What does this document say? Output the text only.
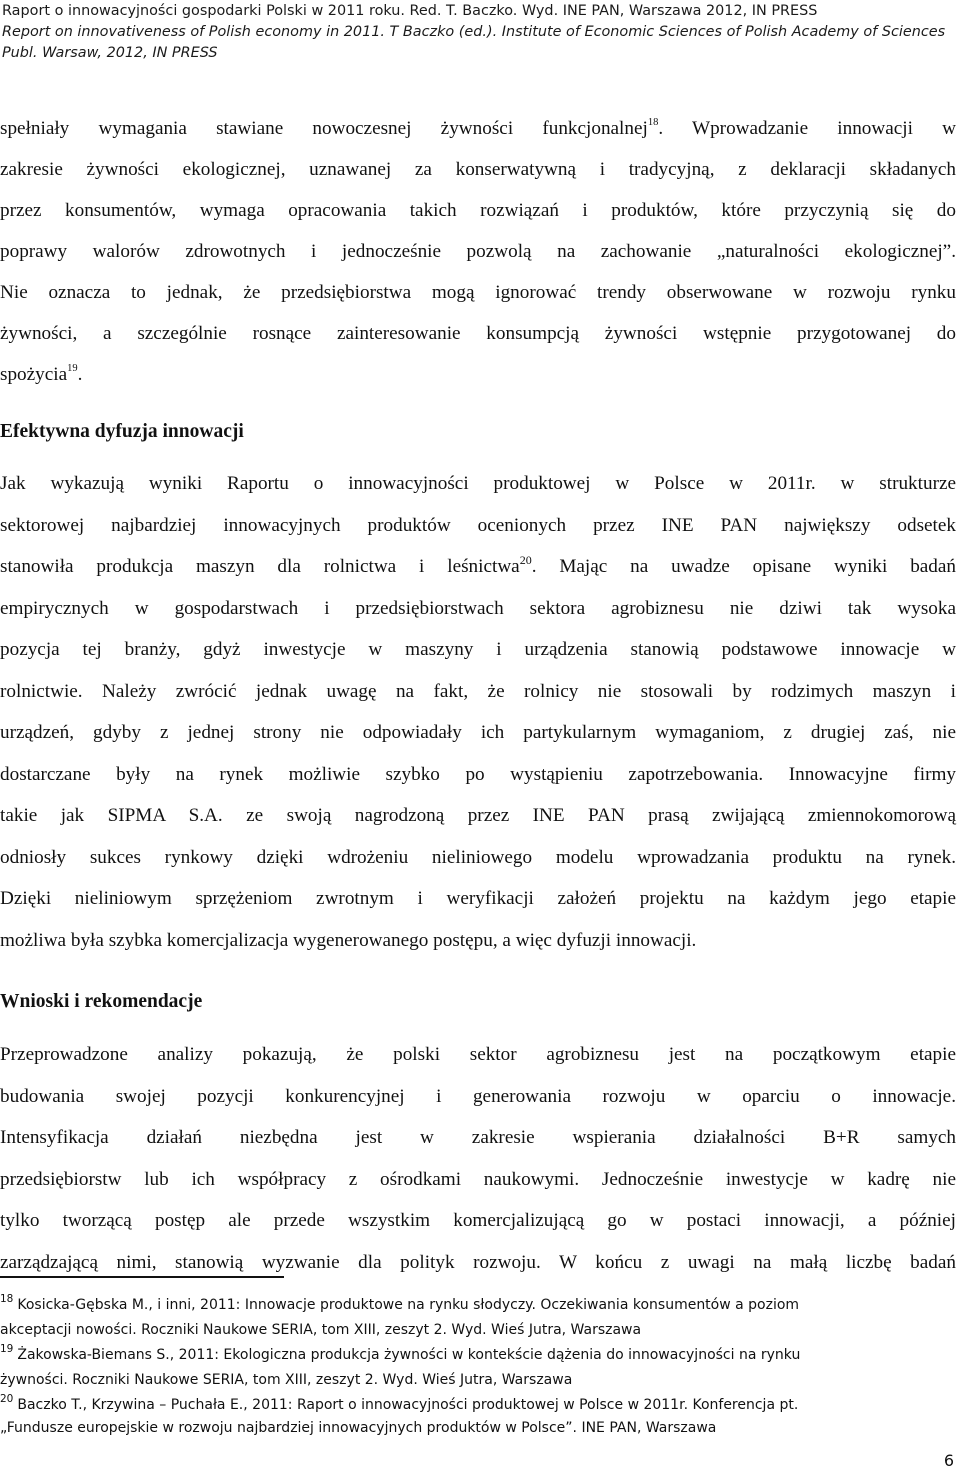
Raport o innowacyjności gospodarki Polski w 2011 roku. Red. T. Baczko. Wyd. INE PAN, Warszawa 2012, IN PRESS
Report on innovativeness of Polish economy in 2011. T Baczko (ed.). Institute of Economic Sciences of Polish Academy of Sciences
Publ. Warsaw, 2012, IN PRESS

spełniały wymagania stawiane nowoczesnej żywności funkcjonalnej$^{18}$. Wprowadzanie innowacji w

zakresie żywności ekologicznej, uznawanej za konserwatywną i tradycyjną, z deklaracji składanych

przez konsumentów, wymaga opracowania takich rozwiązań i produktów, które przyczynią się do

poprawy walorów zdrowotnych i jednocześnie pozwolą na zachowanie „naturalności ekologicznej”.

Nie oznacza to jednak, że przedsiębiorstwa mogą ignorować trendy obserwowane w rozwoju rynku

żywności, a szczególnie rosnące zainteresowanie konsumpcją żywności wstępnie przygotowanej do

spożycia$^{19}$.

Efektywna dyfuzja innowacji

Jak wykazują wyniki Raportu o innowacyjności produktowej w Polsce w 2011r. w strukturze

sektorowej najbardziej innowacyjnych produktów ocenionych przez INE PAN największy odsetek

stanowiła produkcja maszyn dla rolnictwa i leśnictwa$^{20}$. Mając na uwadze opisane wyniki badań

empirycznych w gospodarstwach i przedsiębiorstwach sektora agrobiznesu nie dziwi tak wysoka

pozycja tej branży, gdyż inwestycje w maszyny i urządzenia stanowią podstawowe innowacje w

rolnictwie. Należy zwrócić jednak uwagę na fakt, że rolnicy nie stosowali by rodzimych maszyn i

urządzeń, gdyby z jednej strony nie odpowiadały ich partykularnym wymaganiom, z drugiej zaś, nie

dostarczane były na rynek możliwie szybko po wystąpieniu zapotrzebowania. Innowacyjne firmy

takie jak SIPMA S.A. ze swoją nagrodzoną przez INE PAN prasą zwijającą zmiennokomorową

odniosły sukces rynkowy dzięki wdrożeniu nieliniowego modelu wprowadzania produktu na rynek.

Dzięki nieliniowym sprzężeniom zwrotnym i weryfikacji założeń projektu na każdym jego etapie

możliwa była szybka komercjalizacja wygenerowanego postępu, a więc dyfuzji innowacji.

Wnioski i rekomendacje

Przeprowadzone analizy pokazują, że polski sektor agrobiznesu jest na początkowym etapie

budowania swojej pozycji konkurencyjnej i generowania rozwoju w oparciu o innowacje.

Intensyfikacja działań niezbędna jest w zakresie wspierania działalności B+R samych

przedsiębiorstw lub ich współpracy z ośrodkami naukowymi. Jednocześnie inwestycje w kadrę nie

tylko tworzącą postęp ale przede wszystkim komercjalizującą go w postaci innowacji, a później

zarządzającą nimi, stanowią wyzwanie dla polityk rozwoju. W końcu z uwagi na małą liczbę badań

$^{18}$ Kosicka-Gębska M., i inni, 2011: Innowacje produktowe na rynku słodyczy. Oczekiwania konsumentów a poziom

akceptacji nowości. Roczniki Naukowe SERIA, tom XIII, zeszyt 2. Wyd. Wieś Jutra, Warszawa

$^{19}$ Żakowska-Biemans S., 2011: Ekologiczna produkcja żywności w kontekście dążenia do innowacyjności na rynku

żywności. Roczniki Naukowe SERIA, tom XIII, zeszyt 2. Wyd. Wieś Jutra, Warszawa

$^{20}$ Baczko T., Krzywina – Puchała E., 2011: Raport o innowacyjności produktowej w Polsce w 2011r. Konferencja pt.

„Fundusze europejskie w rozwoju najbardziej innowacyjnych produktów w Polsce”. INE PAN, Warszawa

6
